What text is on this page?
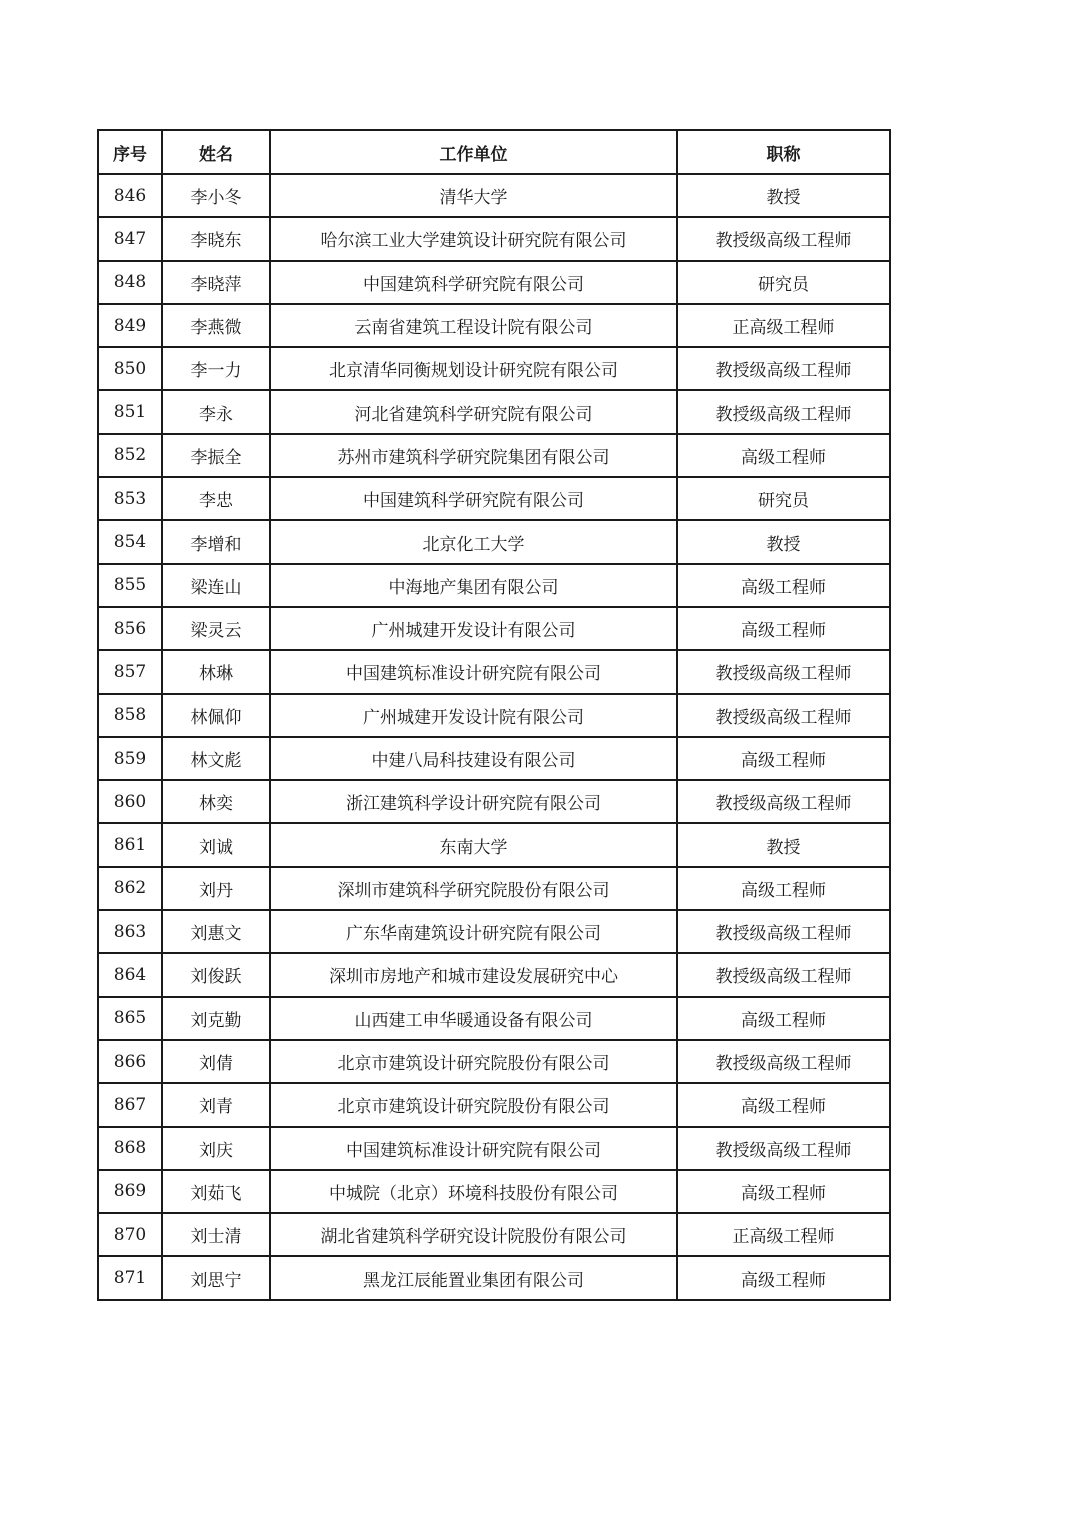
序号	姓名	工作单位	职称
846	李小冬	清华大学	教授
847	李晓东	哈尔滨工业大学建筑设计研究院有限公司	教授级高级工程师
848	李晓萍	中国建筑科学研究院有限公司	研究员
849	李燕微	云南省建筑工程设计院有限公司	正高级工程师
850	李一力	北京清华同衡规划设计研究院有限公司	教授级高级工程师
851	李永	河北省建筑科学研究院有限公司	教授级高级工程师
852	李振全	苏州市建筑科学研究院集团有限公司	高级工程师
853	李忠	中国建筑科学研究院有限公司	研究员
854	李增和	北京化工大学	教授
855	梁连山	中海地产集团有限公司	高级工程师
856	梁灵云	广州城建开发设计有限公司	高级工程师
857	林琳	中国建筑标准设计研究院有限公司	教授级高级工程师
858	林佩仰	广州城建开发设计院有限公司	教授级高级工程师
859	林文彪	中建八局科技建设有限公司	高级工程师
860	林奕	浙江建筑科学设计研究院有限公司	教授级高级工程师
861	刘诚	东南大学	教授
862	刘丹	深圳市建筑科学研究院股份有限公司	高级工程师
863	刘惠文	广东华南建筑设计研究院有限公司	教授级高级工程师
864	刘俊跃	深圳市房地产和城市建设发展研究中心	教授级高级工程师
865	刘克勤	山西建工申华暖通设备有限公司	高级工程师
866	刘倩	北京市建筑设计研究院股份有限公司	教授级高级工程师
867	刘青	北京市建筑设计研究院股份有限公司	高级工程师
868	刘庆	中国建筑标准设计研究院有限公司	教授级高级工程师
869	刘茹飞	中城院（北京）环境科技股份有限公司	高级工程师
870	刘士清	湖北省建筑科学研究设计院股份有限公司	正高级工程师
871	刘思宁	黑龙江辰能置业集团有限公司	高级工程师
